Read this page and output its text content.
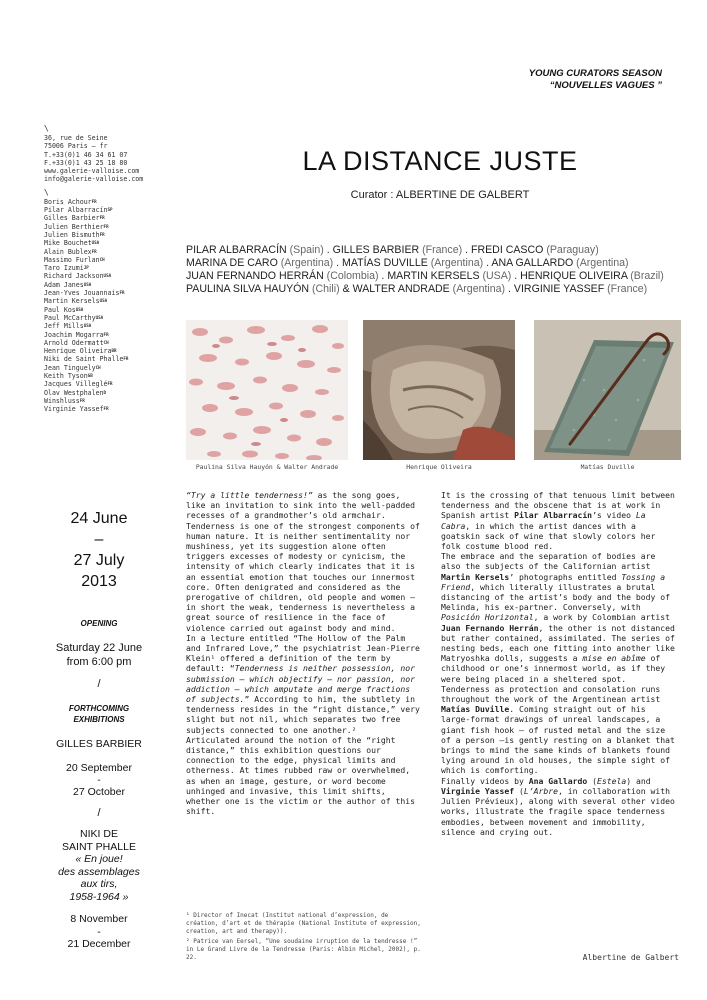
YOUNG CURATORS SEASON
“NOUVELLES VAGUES ”
\
36, rue de Seine
75006 Paris — fr
T.+33(0)1 46 34 61 07
F.+33(0)1 43 25 18 80
www.galerie-valloise.com
info@galerie-valloise.com
\
Boris Achour$^{FR}$
Pilar Albarracín$^{SP}$
Gilles Barbier$^{FR}$
Julien Berthier$^{FR}$
Julien Bismuth$^{FR}$
Mike Bouchet$^{USA}$
Alain Bublex$^{FR}$
Massimo Furlan$^{CH}$
Taro Izumi$^{JP}$
Richard Jackson$^{USA}$
Adam Janes$^{USA}$
Jean-Yves Jouannais$^{FR}$
Martin Kersels$^{USA}$
Paul Kos$^{USA}$
Paul McCarthy$^{USA}$
Jeff Mills$^{USA}$
Joachim Mogarra$^{FR}$
Arnold Odermatt$^{CH}$
Henrique Oliveira$^{BR}$
Niki de Saint Phalle$^{FR}$
Jean Tinguely$^{CH}$
Keith Tyson$^{GB}$
Jacques Villeglé$^{FR}$
Olav Westphalen$^D$
Winshluss$^{FR}$
Virginie Yassef$^{FR}$
24 June
–
27 July
2013
OPENING
Saturday 22 June
from 6:00 pm
/
FORTHCOMING
EXHIBITIONS
GILLES BARBIER
20 September
-
27 October
/
NIKI DE
SAINT PHALLE
« En joue!
des assemblages
aux tirs,
1958-1964 »
8 November
-
21 December
LA DISTANCE JUSTE
Curator : ALBERTINE DE GALBERT
PILAR ALBARRACÍN (Spain) . GILLES BARBIER (France) . FREDI CASCO (Paraguay)
MARINA DE CARO (Argentina) . MATÍAS DUVILLE (Argentina) . ANA GALLARDO (Argentina)
JUAN FERNANDO HERRÁN (Colombia) . MARTIN KERSELS (USA) . HENRIQUE OLIVEIRA (Brazil)
PAULINA SILVA HAUYÓN (Chili) & WALTER ANDRADE (Argentina) . VIRGINIE YASSEF (France)
Paulina Silva Hauyón & Walter Andrade	Henrique Oliveira	Matías Duville

“Try a little tenderness!” as the song goes, like an invitation to sink into the well-padded recesses of a grandmother’s old armchair. Tenderness is one of the strongest components of human nature. It is neither sentimentality nor mushiness, yet its suggestion alone often triggers excesses of modesty or cynicism, the intensity of which clearly indicates that it is an essential emotion that touches our innermost core. Often denigrated and considered as the prerogative of children, old people and women – in short the weak, tenderness is nevertheless a great source of resilience in the face of violence carried out against body and mind.

In a lecture entitled “The Hollow of the Palm and Infrared Love,” the psychiatrist Jean-Pierre Klein¹ offered a definition of the term by default: “Tenderness is neither possession, nor submission – which objectify – nor passion, nor addiction – which amputate and merge fractions of subjects.” According to him, the subtlety in tenderness resides in the “right distance,” very slight but not nil, which separates two free subjects connected to one another.²

Articulated around the notion of the “right distance,” this exhibition questions our connection to the edge, physical limits and otherness. At times rubbed raw or overwhelmed, as when an image, gesture, or word become unhinged and invasive, this limit shifts, whether one is the victim or the author of this shift.

¹ Director of Inecat (Institut national d’expression, de création, d’art et de thérapie (National Institute of expression, creation, art and therapy)).

² Patrice van Eersel, “Une soudaine irruption de la tendresse !” in Le Grand Livre de la Tendresse (Paris: Albin Michel, 2002), p. 22.

It is the crossing of that tenuous limit between tenderness and the obscene that is at work in Spanish artist Pilar Albarracín’s video La Cabra, in which the artist dances with a goatskin sack of wine that slowly colors her folk costume blood red.

The embrace and the separation of bodies are also the subjects of the Californian artist Martin Kersels’ photographs entitled Tossing a Friend, which literally illustrates a brutal distancing of the artist’s body and the body of Melinda, his ex-partner. Conversely, with Posición Horizontal, a work by Colombian artist Juan Fernando Herrán, the other is not distanced but rather contained, assimilated. The series of nesting beds, each one fitting into another like Matryoshka dolls, suggests a mise en abîme of childhood or one’s innermost world, as if they were being placed in a sheltered spot.

Tenderness as protection and consolation runs throughout the work of the Argentinean artist Matías Duville. Coming straight out of his large-format drawings of unreal landscapes, a giant fish hook – of rusted metal and the size of a person –is gently resting on a blanket that brings to mind the same kinds of blankets found lying around in old houses, the simple sight of which is comforting.

Finally videos by Ana Gallardo (Estela) and Virginie Yassef (L’Arbre, in collaboration with Julien Prévieux), along with several other video works, illustrate the fragile space tenderness embodies, between movement and immobility, silence and crying out.

Albertine de Galbert
